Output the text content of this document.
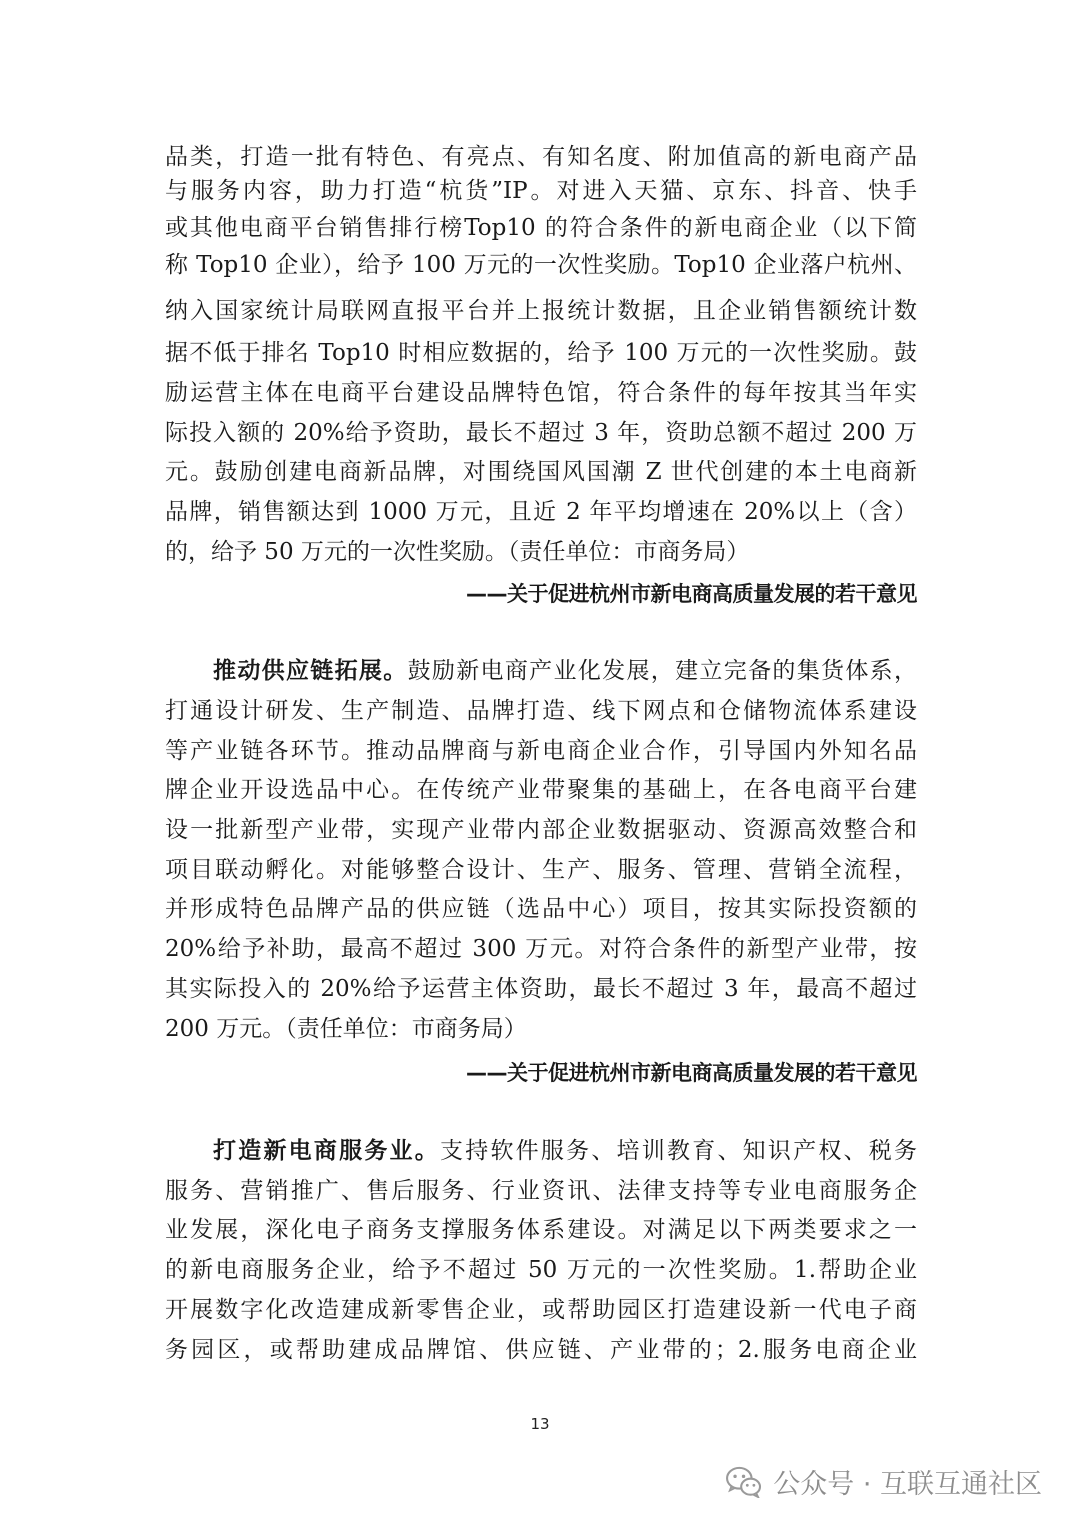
品类，打造一批有特色、有亮点、有知名度、附加值高的新电商产品
与服务内容，助力打造“杭货”IP。对进入天猫、京东、抖音、快手
或其他电商平台销售排行榜Top10 的符合条件的新电商企业（以下简
称 Top10 企业），给予 100 万元的一次性奖励。Top10 企业落户杭州、
纳入国家统计局联网直报平台并上报统计数据，且企业销售额统计数
据不低于排名 Top10 时相应数据的，给予 100 万元的一次性奖励。鼓
励运营主体在电商平台建设品牌特色馆，符合条件的每年按其当年实
际投入额的 20%给予资助，最长不超过 3 年，资助总额不超过 200 万
元。鼓励创建电商新品牌，对围绕国风国潮 Z 世代创建的本土电商新
品牌，销售额达到 1000 万元，且近 2 年平均增速在 20%以上（含）
的，给予 50 万元的一次性奖励。（责任单位：市商务局）
——关于促进杭州市新电商高质量发展的若干意见
推动供应链拓展。鼓励新电商产业化发展，建立完备的集货体系，
打通设计研发、生产制造、品牌打造、线下网点和仓储物流体系建设
等产业链各环节。推动品牌商与新电商企业合作，引导国内外知名品
牌企业开设选品中心。在传统产业带聚集的基础上，在各电商平台建
设一批新型产业带，实现产业带内部企业数据驱动、资源高效整合和
项目联动孵化。对能够整合设计、生产、服务、管理、营销全流程，
并形成特色品牌产品的供应链（选品中心）项目，按其实际投资额的
20%给予补助，最高不超过 300 万元。对符合条件的新型产业带，按
其实际投入的 20%给予运营主体资助，最长不超过 3 年，最高不超过
200 万元。（责任单位：市商务局）
——关于促进杭州市新电商高质量发展的若干意见
打造新电商服务业。支持软件服务、培训教育、知识产权、税务
服务、营销推广、售后服务、行业资讯、法律支持等专业电商服务企
业发展，深化电子商务支撑服务体系建设。对满足以下两类要求之一
的新电商服务企业，给予不超过 50 万元的一次性奖励。1.帮助企业
开展数字化改造建成新零售企业，或帮助园区打造建设新一代电子商
务园区，或帮助建成品牌馆、供应链、产业带的；2.服务电商企业
13
公众号 · 互联互通社区
